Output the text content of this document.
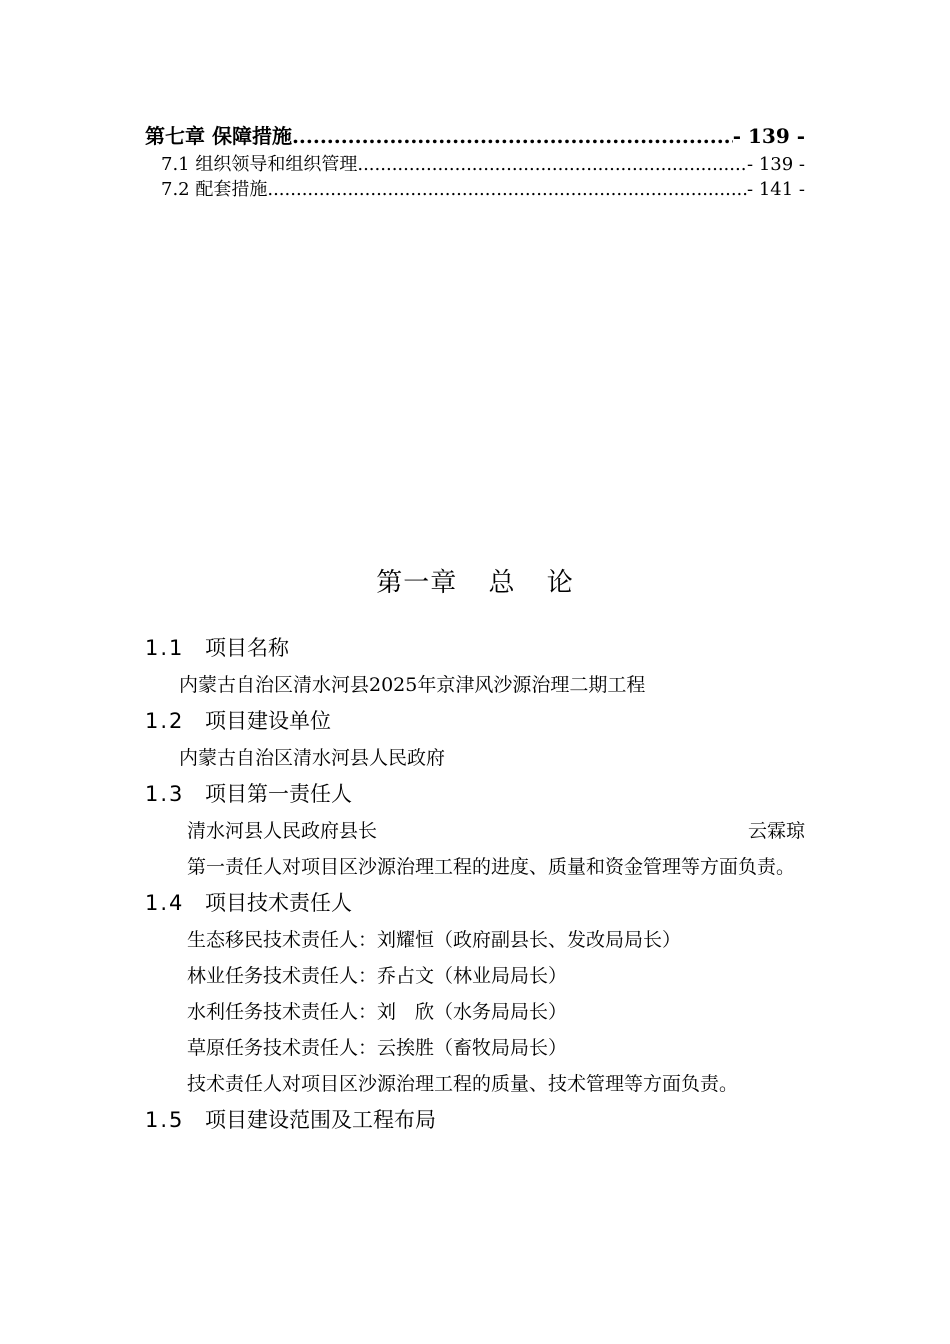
第七章 保障措施 .....	- 139 -
7.1 组织领导和组织管理 .....	- 139 -
7.2 配套措施 .....	- 141 -
第一章 总 论
1.1 项目名称
内蒙古自治区清水河县2025年京津风沙源治理二期工程
1.2 项目建设单位
内蒙古自治区清水河县人民政府
1.3 项目第一责任人
清水河县人民政府县长	云霖琼
第一责任人对项目区沙源治理工程的进度、质量和资金管理等方面负责。
1.4 项目技术责任人
生态移民技术责任人：刘耀恒（政府副县长、发改局局长）
林业任务技术责任人：乔占文（林业局局长）
水利任务技术责任人：刘　欣（水务局局长）
草原任务技术责任人：云挨胜（畜牧局局长）
技术责任人对项目区沙源治理工程的质量、技术管理等方面负责。
1.5 项目建设范围及工程布局
